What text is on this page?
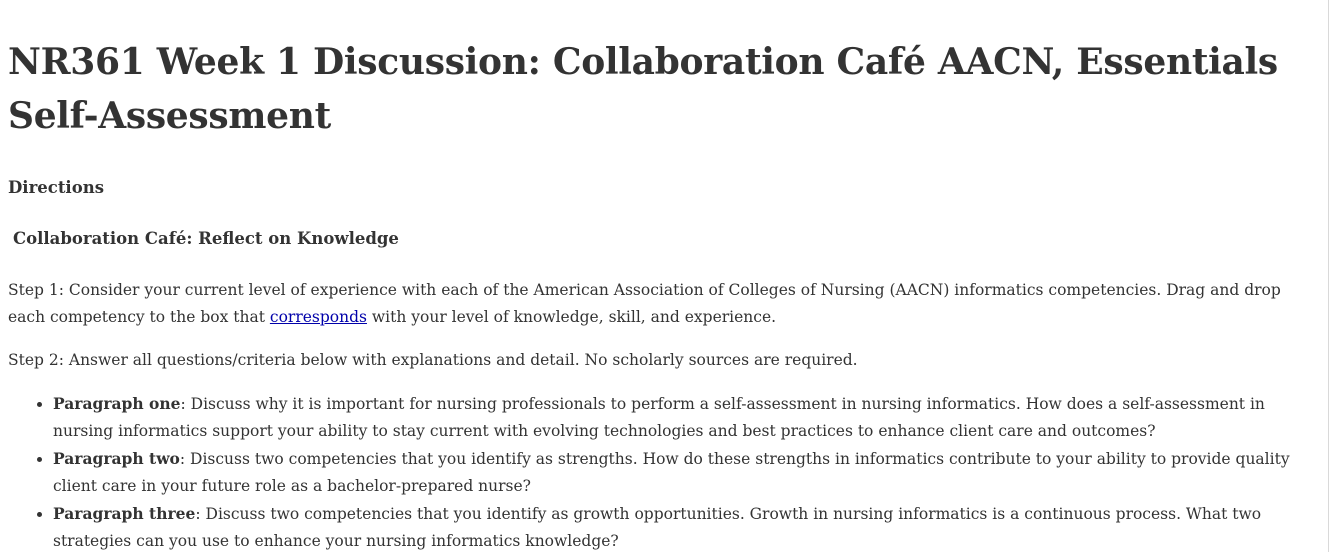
NR361 Week 1 Discussion: Collaboration Café AACN, Essentials Self-Assessment
Directions
Collaboration Café: Reflect on Knowledge

Step 1: Consider your current level of experience with each of the American Association of Colleges of Nursing (AACN) informatics competencies. Drag and drop each competency to the box that corresponds with your level of knowledge, skill, and experience.

Step 2: Answer all questions/criteria below with explanations and detail. No scholarly sources are required.

• Paragraph one: Discuss why it is important for nursing professionals to perform a self-assessment in nursing informatics. How does a self-assessment in nursing informatics support your ability to stay current with evolving technologies and best practices to enhance client care and outcomes?
• Paragraph two: Discuss two competencies that you identify as strengths. How do these strengths in informatics contribute to your ability to provide quality client care in your future role as a bachelor-prepared nurse?
• Paragraph three: Discuss two competencies that you identify as growth opportunities. Growth in nursing informatics is a continuous process. What two strategies can you use to enhance your nursing informatics knowledge?
